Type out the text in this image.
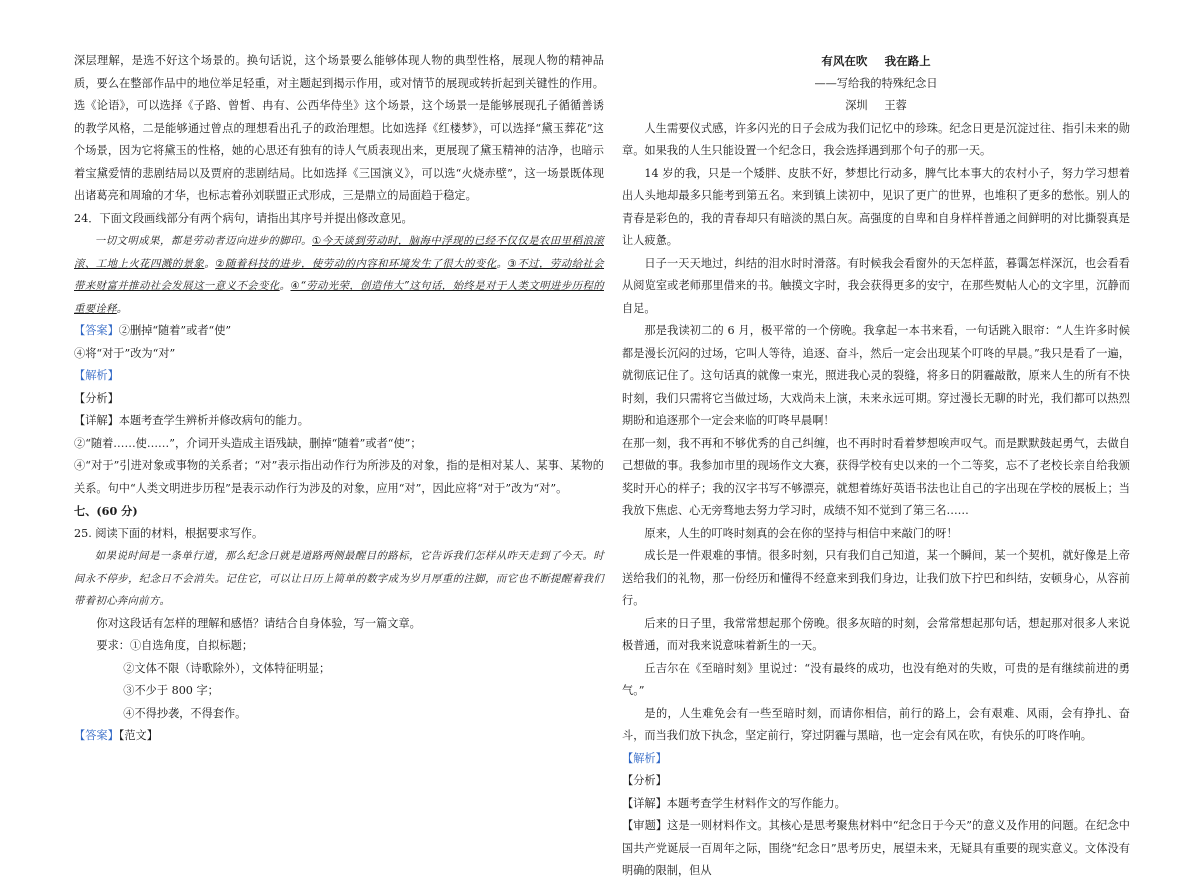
深层理解，是选不好这个场景的。换句话说，这个场景要么能够体现人物的典型性格，展现人物的精神品质，要么在整部作品中的地位举足轻重，对主题起到揭示作用，或对情节的展现或转折起到关键性的作用。选《论语》，可以选择《子路、曾皙、冉有、公西华侍坐》这个场景，这个场景一是能够展现孔子循循善诱的教学风格，二是能够通过曾点的理想看出孔子的政治理想。比如选择《红楼梦》，可以选择“黛玉葬花”这个场景，因为它将黛玉的性格，她的心思还有独有的诗人气质表现出来，更展现了黛玉精神的洁净，也暗示着宝黛爱情的悲剧结局以及贾府的悲剧结局。比如选择《三国演义》，可以选“火烧赤壁”，这一场景既体现出诸葛亮和周瑜的才华，也标志着孙刘联盟正式形成，三是鼎立的局面趋于稳定。

24．下面文段画线部分有两个病句，请指出其序号并提出修改意见。

一切文明成果，都是劳动者迈向进步的脚印。①今天谈到劳动时，脑海中浮现的已经不仅仅是农田里稻浪滚滚、工地上火花四溅的景象。②随着科技的进步，使劳动的内容和环境发生了很大的变化。③不过，劳动给社会带来财富并推动社会发展这一意义不会变化。④“劳动光荣，创造伟大”这句话，始终是对于人类文明进步历程的重要诠释。

【答案】②删掉“随着”或者“使”

④将“对于”改为“对”

【解析】

【分析】

【详解】本题考查学生辨析并修改病句的能力。

②“随着……使……”，介词开头造成主语残缺，删掉“随着”或者“使”；

④“对于”引进对象或事物的关系者；“对”表示指出动作行为所涉及的对象，指的是相对某人、某事、某物的关系。句中“人类文明进步历程”是表示动作行为涉及的对象，应用“对”，因此应将“对于”改为“对”。

七、(60 分)

25. 阅读下面的材料，根据要求写作。

如果说时间是一条单行道，那么纪念日就是道路两侧最醒目的路标，它告诉我们怎样从昨天走到了今天。时间永不停步，纪念日不会消失。记住它，可以让日历上简单的数字成为岁月厚重的注脚，而它也不断提醒着我们带着初心奔向前方。

你对这段话有怎样的理解和感悟？请结合自身体验，写一篇文章。

要求：①自选角度，自拟标题；

②文体不限（诗歌除外），文体特征明显；

③不少于 800 字；

④不得抄袭，不得套作。

【答案】【范文】

有风在吹 我在路上

——写给我的特殊纪念日

深圳 王蓉

人生需要仪式感，许多闪光的日子会成为我们记忆中的珍珠。纪念日更是沉淀过往、指引未来的勋章。如果我的人生只能设置一个纪念日，我会选择遇到那个句子的那一天。

14 岁的我，只是一个矮胖、皮肤不好，梦想比行动多，脾气比本事大的农村小子，努力学习想着出人头地却最多只能考到第五名。来到镇上读初中，见识了更广的世界，也堆积了更多的愁怅。别人的青春是彩色的，我的青春却只有暗淡的黑白灰。高强度的自卑和自身样样普通之间鲜明的对比撕裂真是让人疲惫。

日子一天天地过，纠结的泪水时时滑落。有时候我会看窗外的天怎样蓝，暮霭怎样深沉，也会看看从阅览室或老师那里借来的书。触摸文字时，我会获得更多的安宁，在那些熨帖人心的文字里，沉静而自足。

那是我读初二的 6 月，极平常的一个傍晚。我拿起一本书来看，一句话跳入眼帘：“人生许多时候都是漫长沉闷的过场，它叫人等待，追逐、奋斗，然后一定会出现某个叮咚的早晨。”我只是看了一遍，就彻底记住了。这句话真的就像一束光，照进我心灵的裂缝，将多日的阴霾敲散，原来人生的所有不快时刻，我们只需将它当做过场，大戏尚未上演，未来永远可期。穿过漫长无聊的时光，我们都可以热烈期盼和追逐那个一定会来临的叮咚早晨啊！

在那一刻，我不再和不够优秀的自己纠缠，也不再时时看着梦想唉声叹气。而是默默鼓起勇气，去做自己想做的事。我参加市里的现场作文大赛，获得学校有史以来的一个二等奖，忘不了老校长亲自给我颁奖时开心的样子；我的汉字书写不够漂亮，就想着练好英语书法也让自己的字出现在学校的展板上；当我放下焦虑、心无旁骛地去努力学习时，成绩不知不觉到了第三名……

原来，人生的叮咚时刻真的会在你的坚持与相信中来敲门的呀！

成长是一件艰难的事情。很多时刻，只有我们自己知道，某一个瞬间，某一个契机，就好像是上帝送给我们的礼物，那一份经历和懂得不经意来到我们身边，让我们放下拧巴和纠结，安顿身心，从容前行。

后来的日子里，我常常想起那个傍晚。很多灰暗的时刻，会常常想起那句话，想起那对很多人来说极普通，而对我来说意味着新生的一天。

丘吉尔在《至暗时刻》里说过：“没有最终的成功，也没有绝对的失败，可贵的是有继续前进的勇气。”

是的，人生难免会有一些至暗时刻，而请你相信，前行的路上，会有艰难、风雨，会有挣扎、奋斗，而当我们放下执念，坚定前行，穿过阴霾与黑暗，也一定会有风在吹，有快乐的叮咚作响。

【解析】

【分析】

【详解】本题考查学生材料作文的写作能力。

【审题】这是一则材料作文。其核心是思考聚焦材料中“纪念日于今天”的意义及作用的问题。在纪念中国共产党诞辰一百周年之际，围绕“纪念日”思考历史，展望未来，无疑具有重要的现实意义。文体没有明确的限制，但从
